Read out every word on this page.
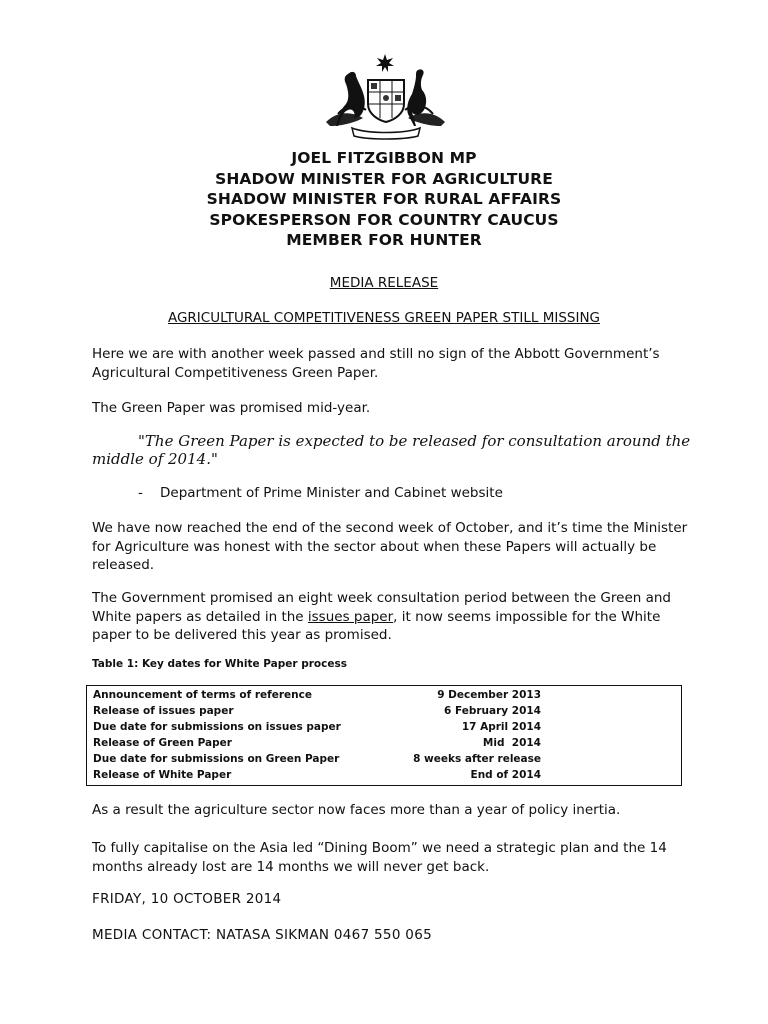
JOEL FITZGIBBON MP
SHADOW MINISTER FOR AGRICULTURE
SHADOW MINISTER FOR RURAL AFFAIRS
SPOKESPERSON FOR COUNTRY CAUCUS
MEMBER FOR HUNTER
MEDIA RELEASE
AGRICULTURAL COMPETITIVENESS GREEN PAPER STILL MISSING

Here we are with another week passed and still no sign of the Abbott Government’s Agricultural Competitiveness Green Paper.

The Green Paper was promised mid-year.

"The Green Paper is expected to be released for consultation around the middle of 2014."
- Department of Prime Minister and Cabinet website

We have now reached the end of the second week of October, and it’s time the Minister for Agriculture was honest with the sector about when these Papers will actually be released.

The Government promised an eight week consultation period between the Green and White papers as detailed in the issues paper, it now seems impossible for the White paper to be delivered this year as promised.

Table 1: Key dates for White Paper process
Announcement of terms of reference	9 December 2013
Release of issues paper	6 February 2014
Due date for submissions on issues paper	17 April 2014
Release of Green Paper	Mid  2014
Due date for submissions on Green Paper	8 weeks after release
Release of White Paper	End of 2014

As a result the agriculture sector now faces more than a year of policy inertia.

To fully capitalise on the Asia led “Dining Boom” we need a strategic plan and the 14 months already lost are 14 months we will never get back.

FRIDAY, 10 OCTOBER 2014
MEDIA CONTACT: NATASA SIKMAN 0467 550 065
